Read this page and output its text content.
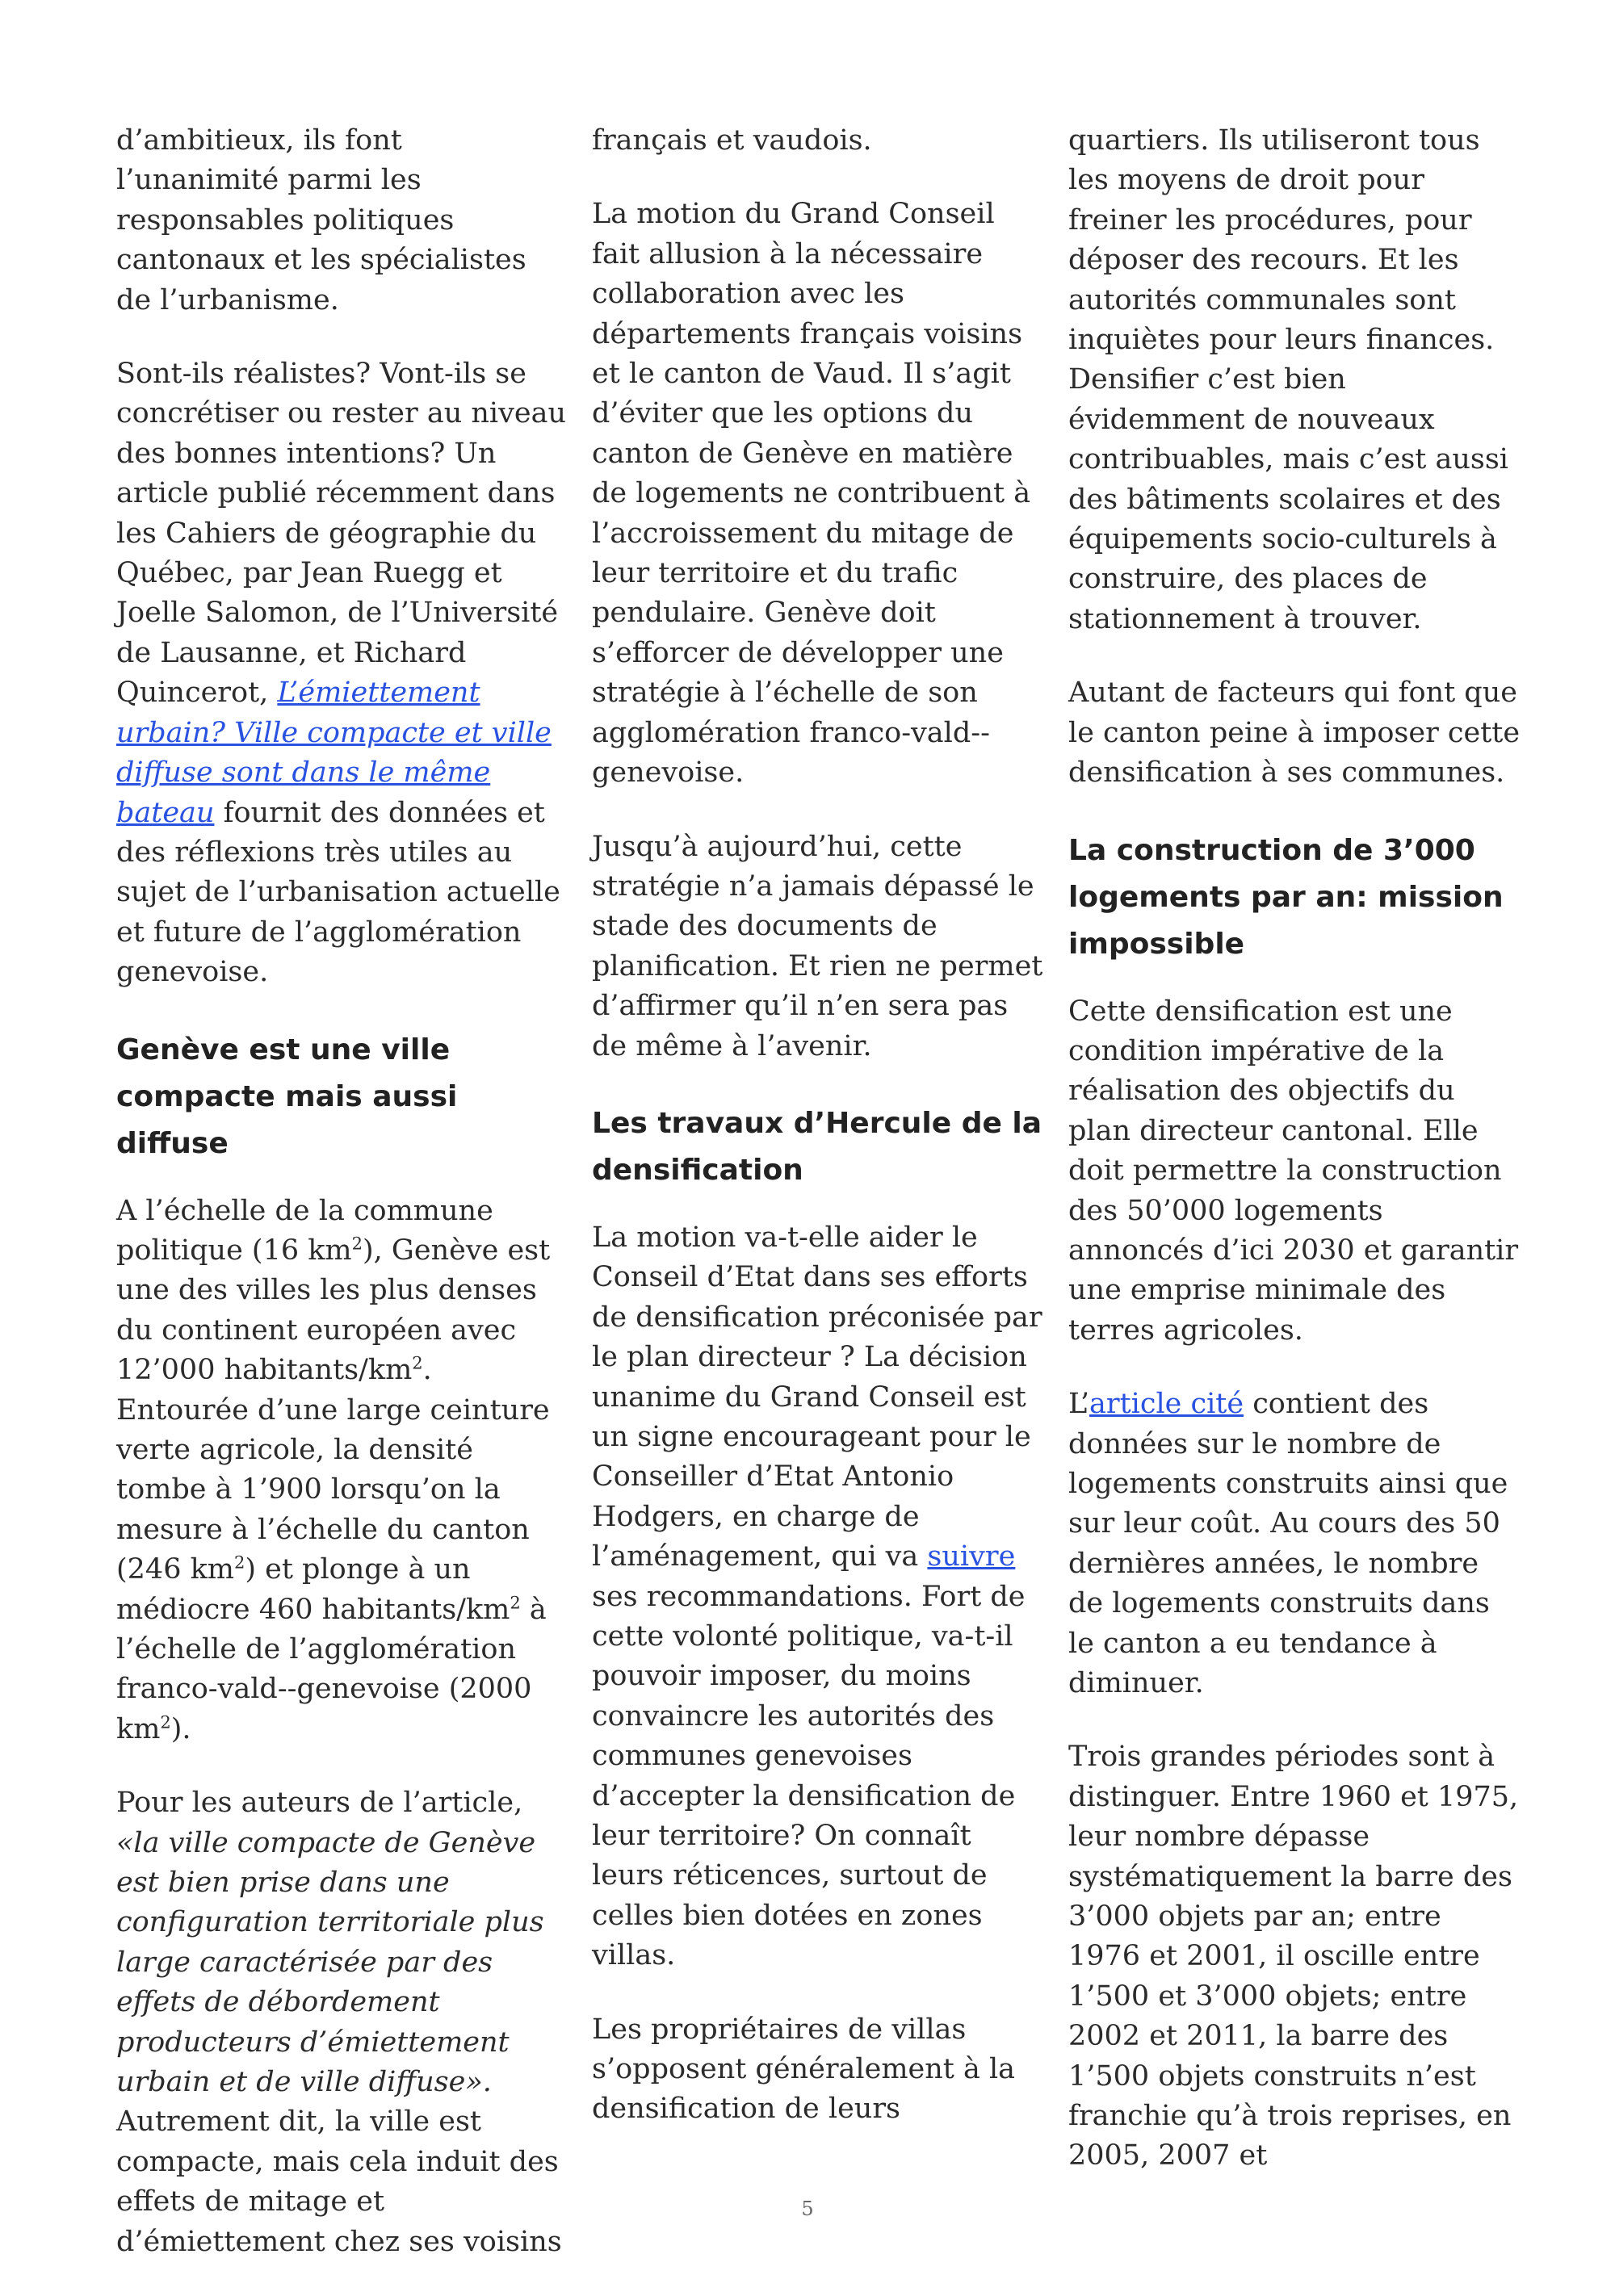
d’ambitieux, ils font l’unanimité parmi les responsables politiques cantonaux et les spécialistes de l’urbanisme.

Sont-ils réalistes? Vont-ils se concrétiser ou rester au niveau des bonnes intentions? Un article publié récemment dans les Cahiers de géographie du Québec, par Jean Ruegg et Joelle Salomon, de l’Université de Lausanne, et Richard Quincerot, L’émiettement urbain? Ville compacte et ville diffuse sont dans le même bateau fournit des données et des réflexions très utiles au sujet de l’urbanisation actuelle et future de l’agglomération genevoise.

Genève est une ville compacte mais aussi diffuse

A l’échelle de la commune politique (16 $km^2$), Genève est une des villes les plus denses du continent européen avec 12’000 habitants/$km^2$. Entourée d’une large ceinture verte agricole, la densité tombe à 1’900 lorsqu’on la mesure à l’échelle du canton (246 $km^2$) et plonge à un médiocre 460 habitants/$km^2$ à l’échelle de l’agglomération franco-vald--genevoise (2000 $km^2$).

Pour les auteurs de l’article, «la ville compacte de Genève est bien prise dans une configuration territoriale plus large caractérisée par des effets de débordement producteurs d’émiettement urbain et de ville diffuse». Autrement dit, la ville est compacte, mais cela induit des effets de mitage et d’émiettement chez ses voisins

français et vaudois.

La motion du Grand Conseil fait allusion à la nécessaire collaboration avec les départements français voisins et le canton de Vaud. Il s’agit d’éviter que les options du canton de Genève en matière de logements ne contribuent à l’accroissement du mitage de leur territoire et du trafic pendulaire. Genève doit s’efforcer de développer une stratégie à l’échelle de son agglomération franco-vald--genevoise.

Jusqu’à aujourd’hui, cette stratégie n’a jamais dépassé le stade des documents de planification. Et rien ne permet d’affirmer qu’il n’en sera pas de même à l’avenir.

Les travaux d’Hercule de la densification

La motion va-t-elle aider le Conseil d’Etat dans ses efforts de densification préconisée par le plan directeur ? La décision unanime du Grand Conseil est un signe encourageant pour le Conseiller d’Etat Antonio Hodgers, en charge de l’aménagement, qui va suivre ses recommandations. Fort de cette volonté politique, va-t-il pouvoir imposer, du moins convaincre les autorités des communes genevoises d’accepter la densification de leur territoire? On connaît leurs réticences, surtout de celles bien dotées en zones villas.

Les propriétaires de villas s’opposent généralement à la densification de leurs

quartiers. Ils utiliseront tous les moyens de droit pour freiner les procédures, pour déposer des recours. Et les autorités communales sont inquiètes pour leurs finances. Densifier c’est bien évidemment de nouveaux contribuables, mais c’est aussi des bâtiments scolaires et des équipements socio-culturels à construire, des places de stationnement à trouver.

Autant de facteurs qui font que le canton peine à imposer cette densification à ses communes.

La construction de 3’000 logements par an: mission impossible

Cette densification est une condition impérative de la réalisation des objectifs du plan directeur cantonal. Elle doit permettre la construction des 50’000 logements annoncés d’ici 2030 et garantir une emprise minimale des terres agricoles.

L’article cité contient des données sur le nombre de logements construits ainsi que sur leur coût. Au cours des 50 dernières années, le nombre de logements construits dans le canton a eu tendance à diminuer.

Trois grandes périodes sont à distinguer. Entre 1960 et 1975, leur nombre dépasse systématiquement la barre des 3’000 objets par an; entre 1976 et 2001, il oscille entre 1’500 et 3’000 objets; entre 2002 et 2011, la barre des 1’500 objets construits n’est franchie qu’à trois reprises, en 2005, 2007 et

5
